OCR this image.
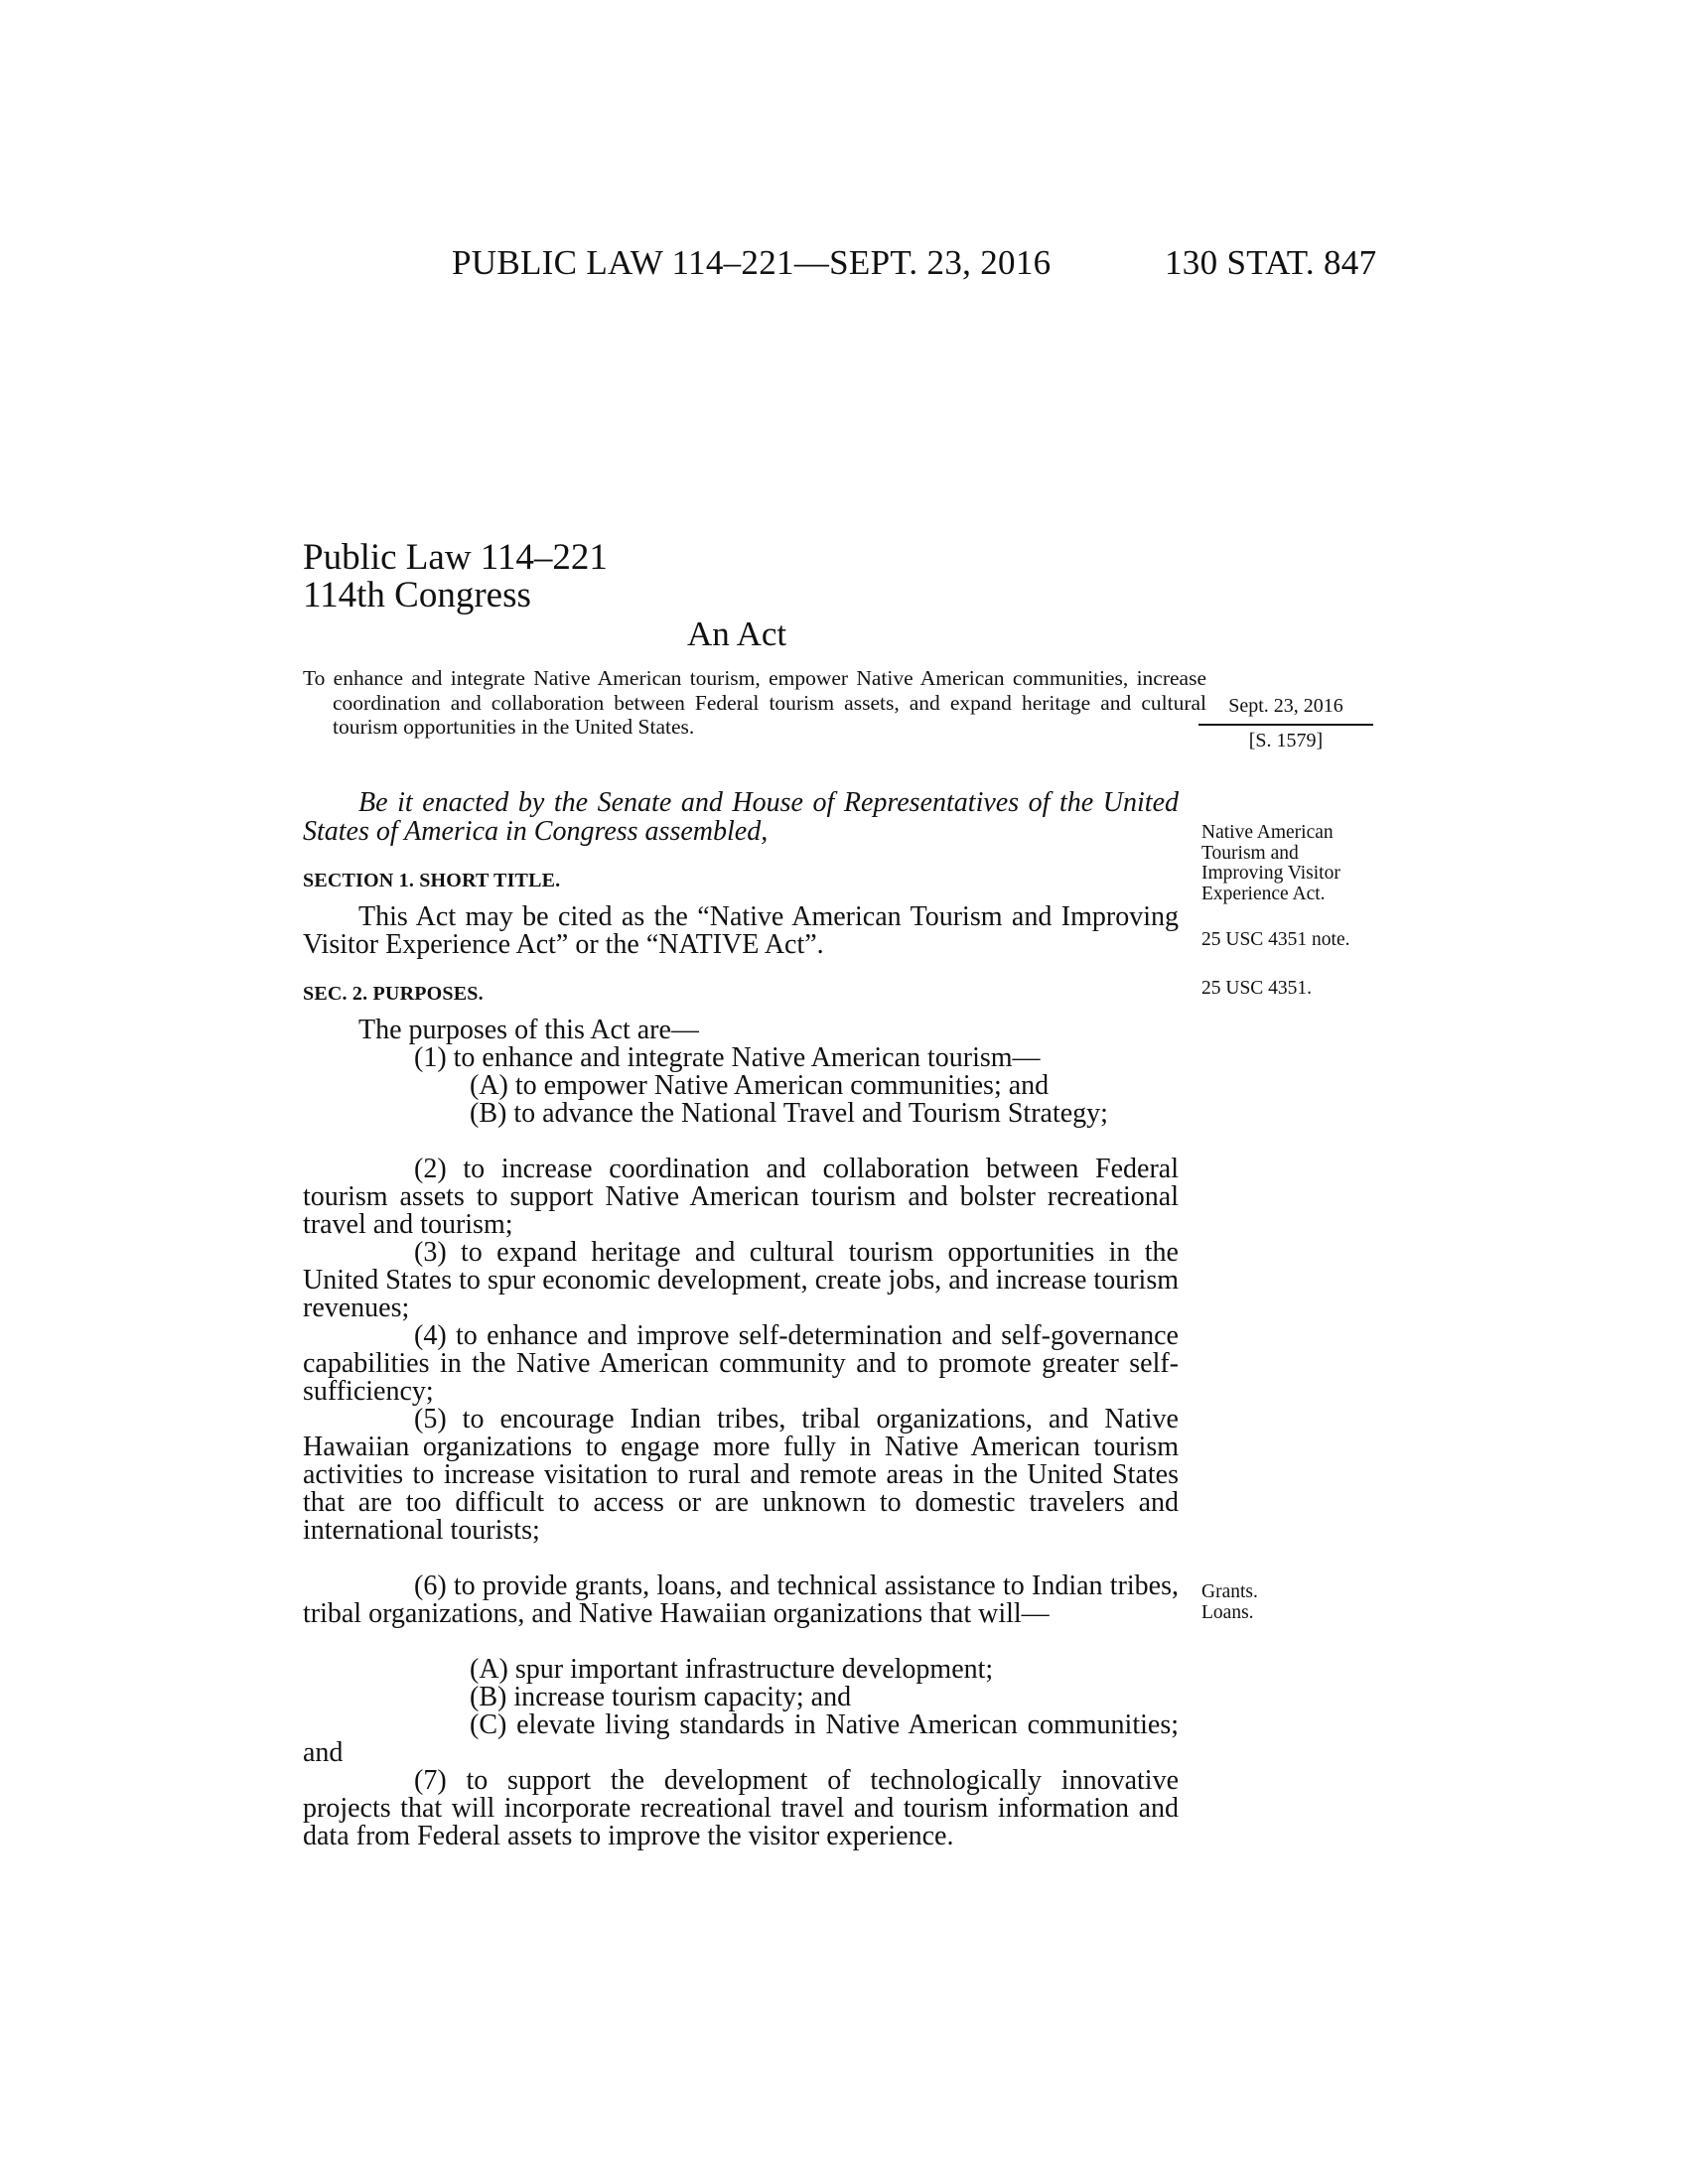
PUBLIC LAW 114–221—SEPT. 23, 2016	130 STAT. 847
Public Law 114–221
114th Congress
An Act
To enhance and integrate Native American tourism, empower Native American communities, increase coordination and collaboration between Federal tourism assets, and expand heritage and cultural tourism opportunities in the United States.
Sept. 23, 2016
[S. 1579]
Native American Tourism and Improving Visitor Experience Act.
25 USC 4351 note.
25 USC 4351.
Grants.
Loans.
Be it enacted by the Senate and House of Representatives of the United States of America in Congress assembled,
SECTION 1. SHORT TITLE.
This Act may be cited as the “Native American Tourism and Improving Visitor Experience Act” or the “NATIVE Act”.
SEC. 2. PURPOSES.
The purposes of this Act are—
(1) to enhance and integrate Native American tourism—
(A) to empower Native American communities; and
(B) to advance the National Travel and Tourism Strategy;
(2) to increase coordination and collaboration between Federal tourism assets to support Native American tourism and bolster recreational travel and tourism;
(3) to expand heritage and cultural tourism opportunities in the United States to spur economic development, create jobs, and increase tourism revenues;
(4) to enhance and improve self-determination and self-governance capabilities in the Native American community and to promote greater self-sufficiency;
(5) to encourage Indian tribes, tribal organizations, and Native Hawaiian organizations to engage more fully in Native American tourism activities to increase visitation to rural and remote areas in the United States that are too difficult to access or are unknown to domestic travelers and international tourists;
(6) to provide grants, loans, and technical assistance to Indian tribes, tribal organizations, and Native Hawaiian organizations that will—
(A) spur important infrastructure development;
(B) increase tourism capacity; and
(C) elevate living standards in Native American communities; and
(7) to support the development of technologically innovative projects that will incorporate recreational travel and tourism information and data from Federal assets to improve the visitor experience.
